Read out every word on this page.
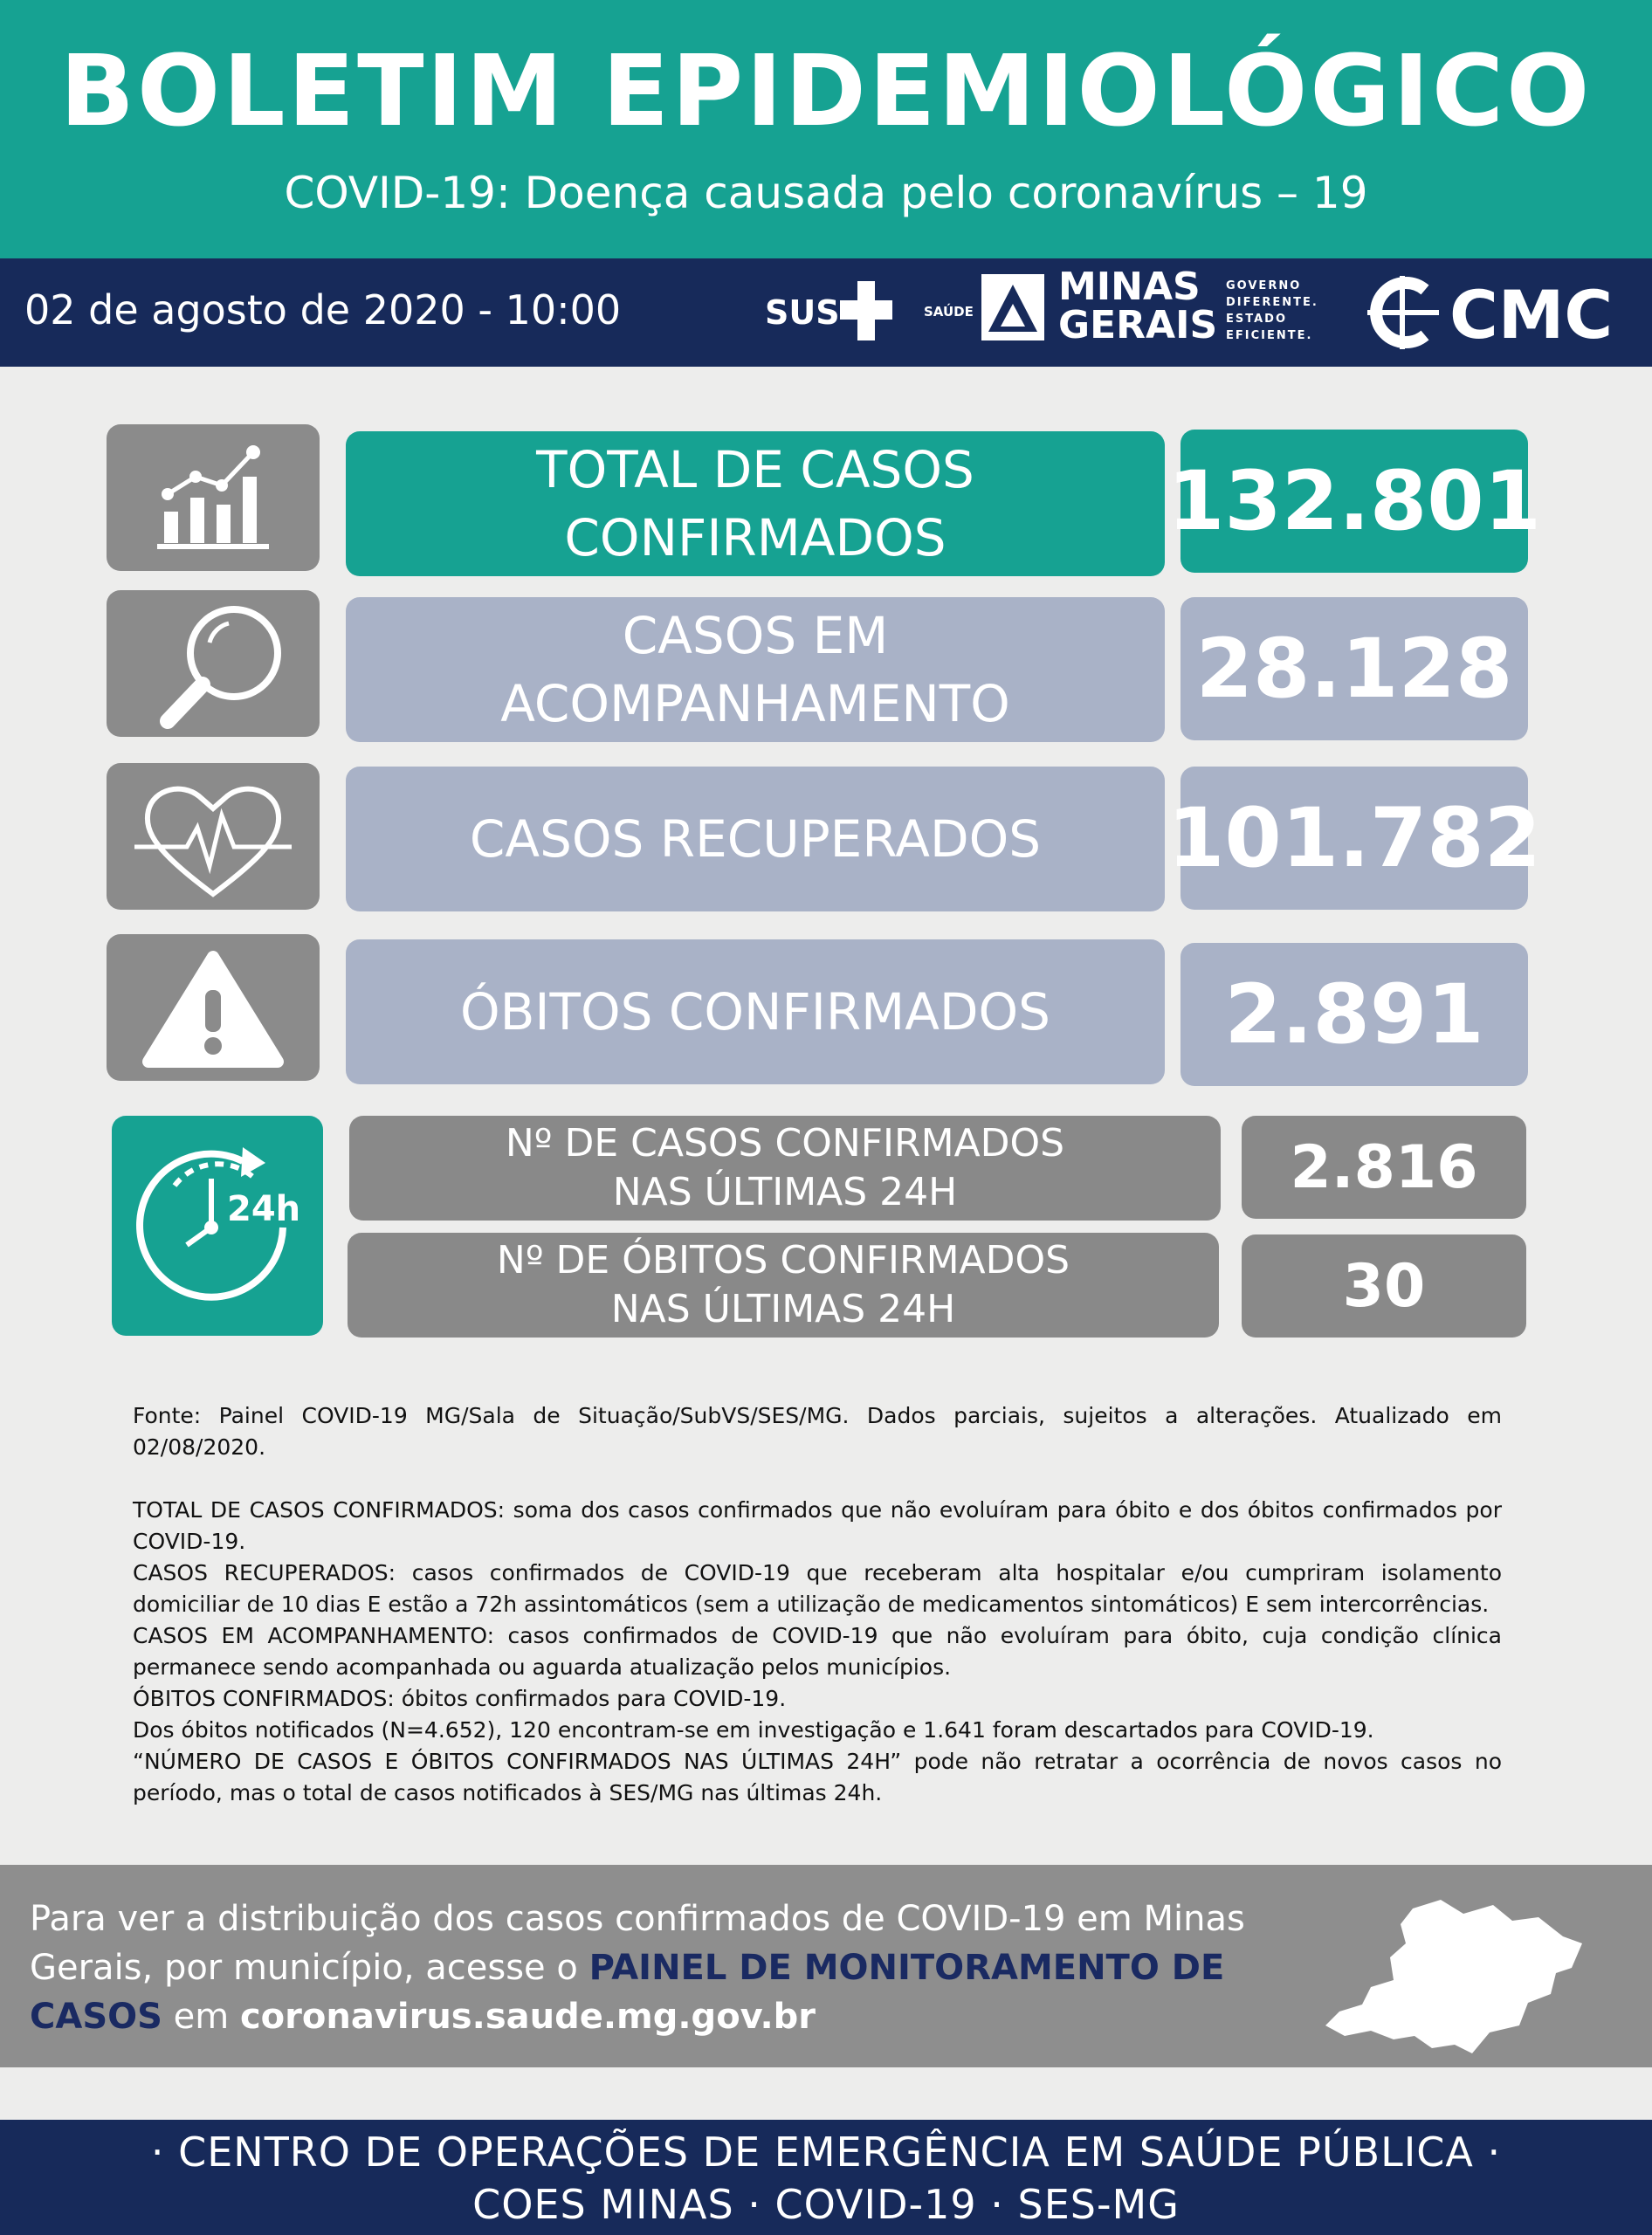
BOLETIM EPIDEMIOLÓGICO
COVID-19: Doença causada pelo coronavírus – 19
02 de agosto de 2020 - 10:00	SUS	SAÚDE
MINAS
GERAIS
GOVERNO
DIFERENTE.
ESTADO
EFICIENTE. CMC
TOTAL DE CASOS CONFIRMADOS	132.801
CASOS EM ACOMPANHAMENTO	28.128
CASOS RECUPERADOS 101.782
ÓBITOS CONFIRMADOS 2.891
24h
Nº DE CASOS CONFIRMADOS NAS ÚLTIMAS 24H	2.816
Nº DE ÓBITOS CONFIRMADOS NAS ÚLTIMAS 24H	30

Fonte: Painel COVID-19 MG/Sala de Situação/SubVS/SES/MG. Dados parciais, sujeitos a alterações. Atualizado em 02/08/2020.

TOTAL DE CASOS CONFIRMADOS: soma dos casos confirmados que não evoluíram para óbito e dos óbitos confirmados por COVID-19.

CASOS RECUPERADOS: casos confirmados de COVID-19 que receberam alta hospitalar e/ou cumpriram isolamento domiciliar de 10 dias E estão a 72h assintomáticos (sem a utilização de medicamentos sintomáticos) E sem intercorrências.

CASOS EM ACOMPANHAMENTO: casos confirmados de COVID-19 que não evoluíram para óbito, cuja condição clínica permanece sendo acompanhada ou aguarda atualização pelos municípios.

ÓBITOS CONFIRMADOS: óbitos confirmados para COVID-19.

Dos óbitos notificados (N=4.652), 120 encontram-se em investigação e 1.641 foram descartados para COVID-19.

“NÚMERO DE CASOS E ÓBITOS CONFIRMADOS NAS ÚLTIMAS 24H” pode não retratar a ocorrência de novos casos no período, mas o total de casos notificados à SES/MG nas últimas 24h.

Para ver a distribuição dos casos confirmados de COVID-19 em Minas Gerais, por município, acesse o PAINEL DE MONITORAMENTO DE CASOS em coronavirus.saude.mg.gov.br
· CENTRO DE OPERAÇÕES DE EMERGÊNCIA EM SAÚDE PÚBLICA ·
COES MINAS · COVID-19 · SES-MG
